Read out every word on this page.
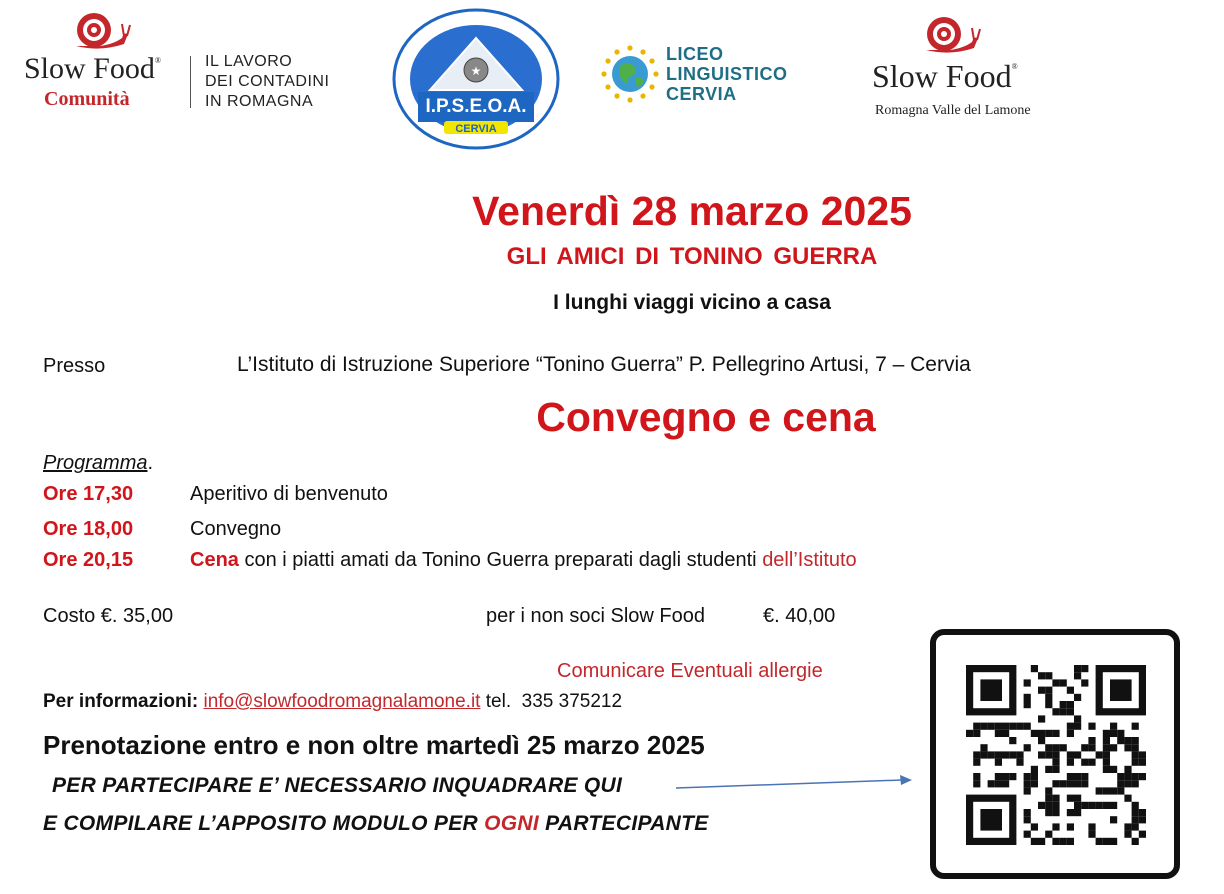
Slow Food®
Comunità
IL LAVORO
DEI CONTADINI
IN ROMAGNA
★
I.P.S.E.O.A.
CERVIA
LICEO
LINGUISTICO
CERVIA	Slow Food®
Romagna Valle del Lamone
Venerdì 28 marzo 2025
GLI AMICI DI TONINO GUERRA
I lunghi viaggi vicino a casa
Presso	L’Istituto di Istruzione Superiore “Tonino Guerra” P. Pellegrino Artusi, 7 – Cervia
Convegno e cena
Programma.
Ore 17,30	Aperitivo di benvenuto
Ore 18,00	Convegno
Ore 20,15	Cena con i piatti amati da Tonino Guerra preparati dagli studenti dell’Istituto
Costo €. 35,00	per i non soci Slow Food	€. 40,00
Comunicare Eventuali allergie
Per informazioni: info@slowfoodromagnalamone.it tel. 335 375212
Prenotazione entro e non oltre martedì 25 marzo 2025
PER PARTECIPARE E’ NECESSARIO INQUADRARE QUI
E COMPILARE L’APPOSITO MODULO PER OGNI PARTECIPANTE
